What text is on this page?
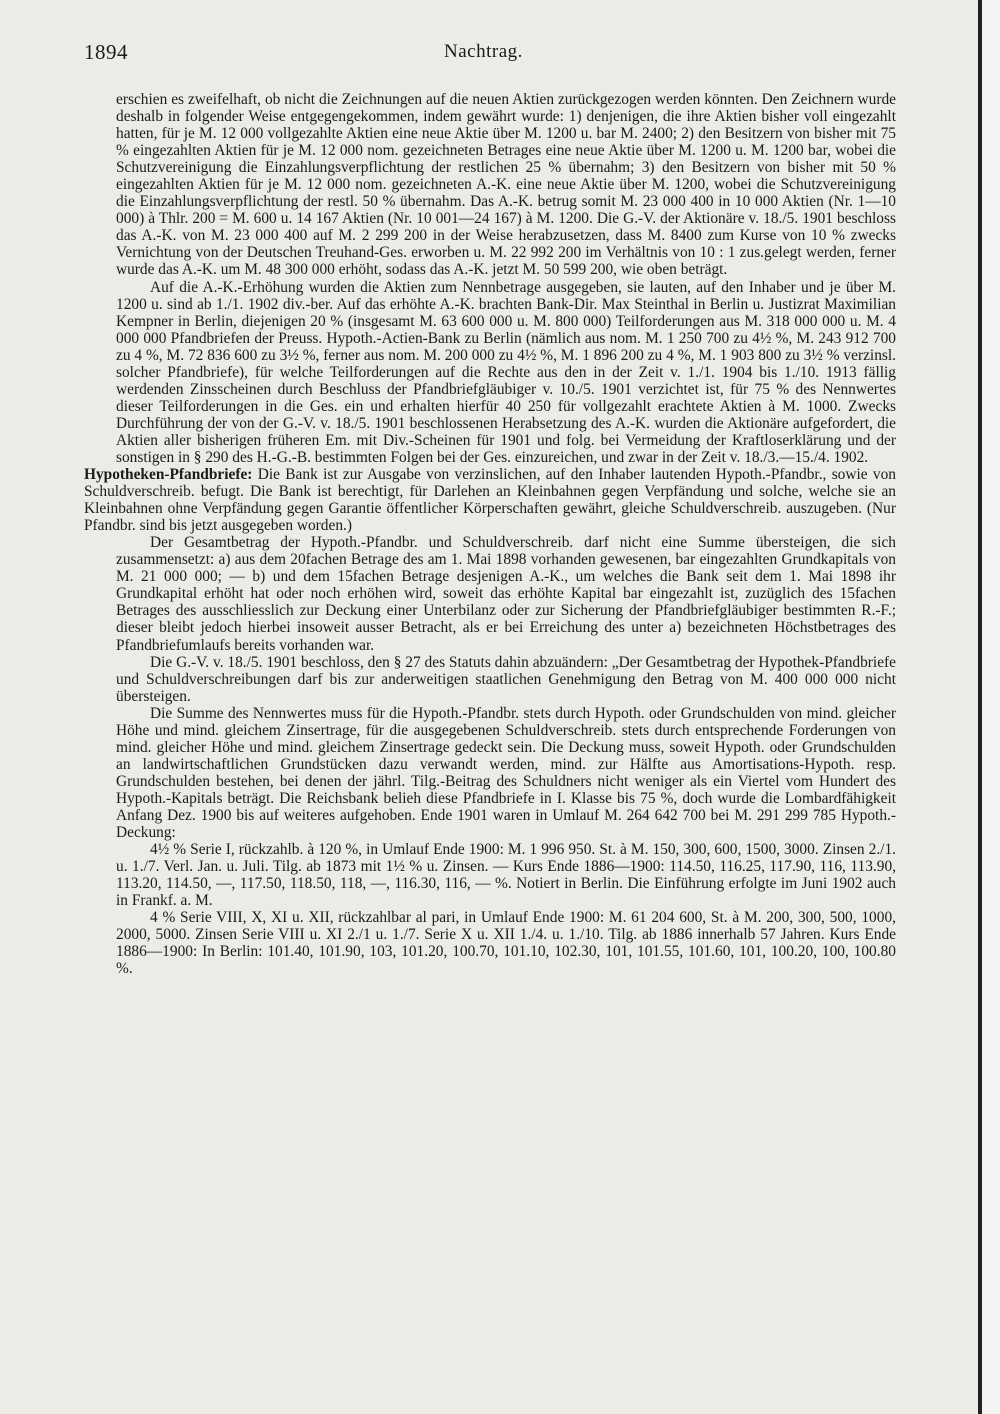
1894	Nachtrag.

erschien es zweifelhaft, ob nicht die Zeichnungen auf die neuen Aktien zurückgezogen werden könnten. Den Zeichnern wurde deshalb in folgender Weise entgegengekommen, indem gewährt wurde: 1) denjenigen, die ihre Aktien bisher voll eingezahlt hatten, für je M. 12 000 vollgezahlte Aktien eine neue Aktie über M. 1200 u. bar M. 2400; 2) den Besitzern von bisher mit 75 % eingezahlten Aktien für je M. 12 000 nom. gezeichneten Betrages eine neue Aktie über M. 1200 u. M. 1200 bar, wobei die Schutzvereinigung die Einzahlungsverpflichtung der restlichen 25 % übernahm; 3) den Besitzern von bisher mit 50 % eingezahlten Aktien für je M. 12 000 nom. gezeichneten A.-K. eine neue Aktie über M. 1200, wobei die Schutzvereinigung die Einzahlungsverpflichtung der restl. 50 % übernahm. Das A.-K. betrug somit M. 23 000 400 in 10 000 Aktien (Nr. 1—10 000) à Thlr. 200 = M. 600 u. 14 167 Aktien (Nr. 10 001—24 167) à M. 1200. Die G.-V. der Aktionäre v. 18./5. 1901 beschloss das A.-K. von M. 23 000 400 auf M. 2 299 200 in der Weise herabzusetzen, dass M. 8400 zum Kurse von 10 % zwecks Vernichtung von der Deutschen Treuhand-Ges. erworben u. M. 22 992 200 im Verhältnis von 10 : 1 zus.gelegt werden, ferner wurde das A.-K. um M. 48 300 000 erhöht, sodass das A.-K. jetzt M. 50 599 200, wie oben beträgt.

Auf die A.-K.-Erhöhung wurden die Aktien zum Nennbetrage ausgegeben, sie lauten, auf den Inhaber und je über M. 1200 u. sind ab 1./1. 1902 div.-ber. Auf das erhöhte A.-K. brachten Bank-Dir. Max Steinthal in Berlin u. Justizrat Maximilian Kempner in Berlin, diejenigen 20 % (insgesamt M. 63 600 000 u. M. 800 000) Teilforderungen aus M. 318 000 000 u. M. 4 000 000 Pfandbriefen der Preuss. Hypoth.-Actien-Bank zu Berlin (nämlich aus nom. M. 1 250 700 zu 4½ %, M. 243 912 700 zu 4 %, M. 72 836 600 zu 3½ %, ferner aus nom. M. 200 000 zu 4½ %, M. 1 896 200 zu 4 %, M. 1 903 800 zu 3½ % verzinsl. solcher Pfandbriefe), für welche Teilforderungen auf die Rechte aus den in der Zeit v. 1./1. 1904 bis 1./10. 1913 fällig werdenden Zinsscheinen durch Beschluss der Pfandbriefgläubiger v. 10./5. 1901 verzichtet ist, für 75 % des Nennwertes dieser Teilforderungen in die Ges. ein und erhalten hierfür 40 250 für vollgezahlt erachtete Aktien à M. 1000. Zwecks Durchführung der von der G.-V. v. 18./5. 1901 beschlossenen Herabsetzung des A.-K. wurden die Aktionäre aufgefordert, die Aktien aller bisherigen früheren Em. mit Div.-Scheinen für 1901 und folg. bei Vermeidung der Kraftloserklärung und der sonstigen in § 290 des H.-G.-B. bestimmten Folgen bei der Ges. einzureichen, und zwar in der Zeit v. 18./3.—15./4. 1902.

Hypotheken-Pfandbriefe: Die Bank ist zur Ausgabe von verzinslichen, auf den Inhaber lautenden Hypoth.-Pfandbr., sowie von Schuldverschreib. befugt. Die Bank ist berechtigt, für Darlehen an Kleinbahnen gegen Verpfändung und solche, welche sie an Kleinbahnen ohne Verpfändung gegen Garantie öffentlicher Körperschaften gewährt, gleiche Schuldverschreib. auszugeben. (Nur Pfandbr. sind bis jetzt ausgegeben worden.)

Der Gesamtbetrag der Hypoth.-Pfandbr. und Schuldverschreib. darf nicht eine Summe übersteigen, die sich zusammensetzt: a) aus dem 20fachen Betrage des am 1. Mai 1898 vorhanden gewesenen, bar eingezahlten Grundkapitals von M. 21 000 000; — b) und dem 15fachen Betrage desjenigen A.-K., um welches die Bank seit dem 1. Mai 1898 ihr Grundkapital erhöht hat oder noch erhöhen wird, soweit das erhöhte Kapital bar eingezahlt ist, zuzüglich des 15fachen Betrages des ausschliesslich zur Deckung einer Unterbilanz oder zur Sicherung der Pfandbriefgläubiger bestimmten R.-F.; dieser bleibt jedoch hierbei insoweit ausser Betracht, als er bei Erreichung des unter a) bezeichneten Höchstbetrages des Pfandbriefumlaufs bereits vorhanden war.

Die G.-V. v. 18./5. 1901 beschloss, den § 27 des Statuts dahin abzuändern: „Der Gesamtbetrag der Hypothek-Pfandbriefe und Schuldverschreibungen darf bis zur anderweitigen staatlichen Genehmigung den Betrag von M. 400 000 000 nicht übersteigen.

Die Summe des Nennwertes muss für die Hypoth.-Pfandbr. stets durch Hypoth. oder Grundschulden von mind. gleicher Höhe und mind. gleichem Zinsertrage, für die ausgegebenen Schuldverschreib. stets durch entsprechende Forderungen von mind. gleicher Höhe und mind. gleichem Zinsertrage gedeckt sein. Die Deckung muss, soweit Hypoth. oder Grundschulden an landwirtschaftlichen Grundstücken dazu verwandt werden, mind. zur Hälfte aus Amortisations-Hypoth. resp. Grundschulden bestehen, bei denen der jährl. Tilg.-Beitrag des Schuldners nicht weniger als ein Viertel vom Hundert des Hypoth.-Kapitals beträgt. Die Reichsbank belieh diese Pfandbriefe in I. Klasse bis 75 %, doch wurde die Lombardfähigkeit Anfang Dez. 1900 bis auf weiteres aufgehoben. Ende 1901 waren in Umlauf M. 264 642 700 bei M. 291 299 785 Hypoth.-Deckung:

4½ % Serie I, rückzahlb. à 120 %, in Umlauf Ende 1900: M. 1 996 950. St. à M. 150, 300, 600, 1500, 3000. Zinsen 2./1. u. 1./7. Verl. Jan. u. Juli. Tilg. ab 1873 mit 1½ % u. Zinsen. — Kurs Ende 1886—1900: 114.50, 116.25, 117.90, 116, 113.90, 113.20, 114.50, —, 117.50, 118.50, 118, —, 116.30, 116, — %. Notiert in Berlin. Die Einführung erfolgte im Juni 1902 auch in Frankf. a. M.

4 % Serie VIII, X, XI u. XII, rückzahlbar al pari, in Umlauf Ende 1900: M. 61 204 600, St. à M. 200, 300, 500, 1000, 2000, 5000. Zinsen Serie VIII u. XI 2./1 u. 1./7. Serie X u. XII 1./4. u. 1./10. Tilg. ab 1886 innerhalb 57 Jahren. Kurs Ende 1886—1900: In Berlin: 101.40, 101.90, 103, 101.20, 100.70, 101.10, 102.30, 101, 101.55, 101.60, 101, 100.20, 100, 100.80 %.
